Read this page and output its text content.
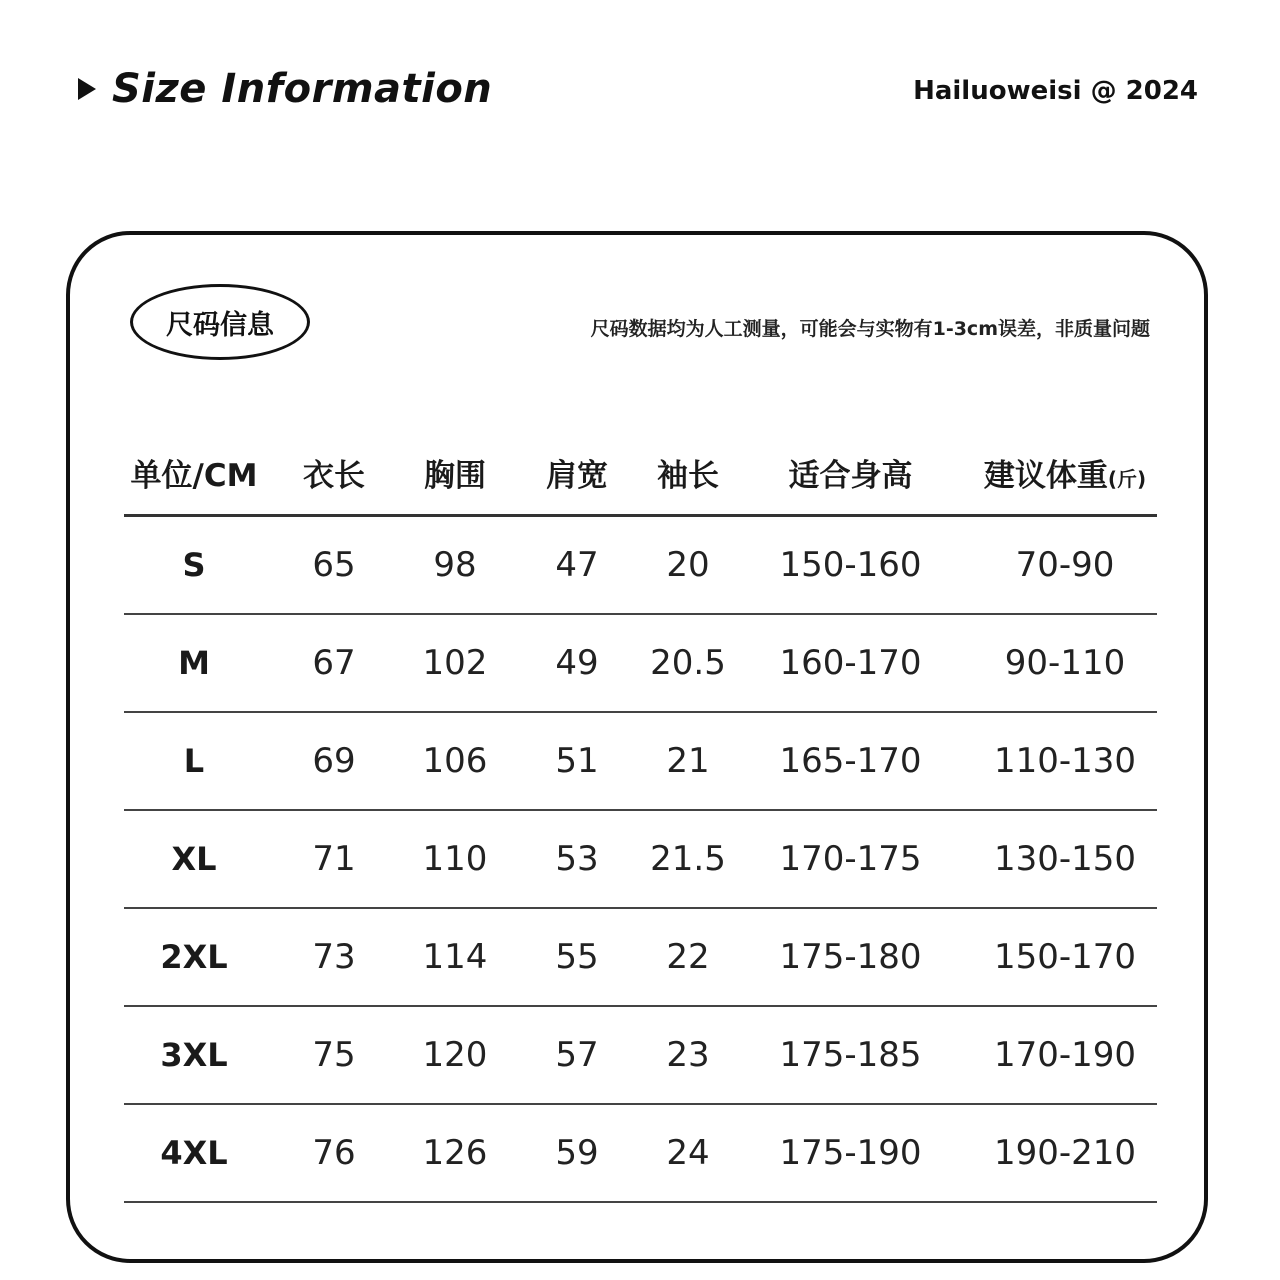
Size Information	Hailuoweisi @ 2024
尺码信息	尺码数据均为人工测量，可能会与实物有1-3cm误差，非质量问题
单位/CM	衣长	胸围	肩宽	袖长	适合身高	建议体重(斤)
S	65	98	47	20	150-160	70-90
M	67	102	49	20.5	160-170	90-110
L	69	106	51	21	165-170	110-130
XL	71	110	53	21.5	170-175	130-150
2XL	73	114	55	22	175-180	150-170
3XL	75	120	57	23	175-185	170-190
4XL	76	126	59	24	175-190	190-210
